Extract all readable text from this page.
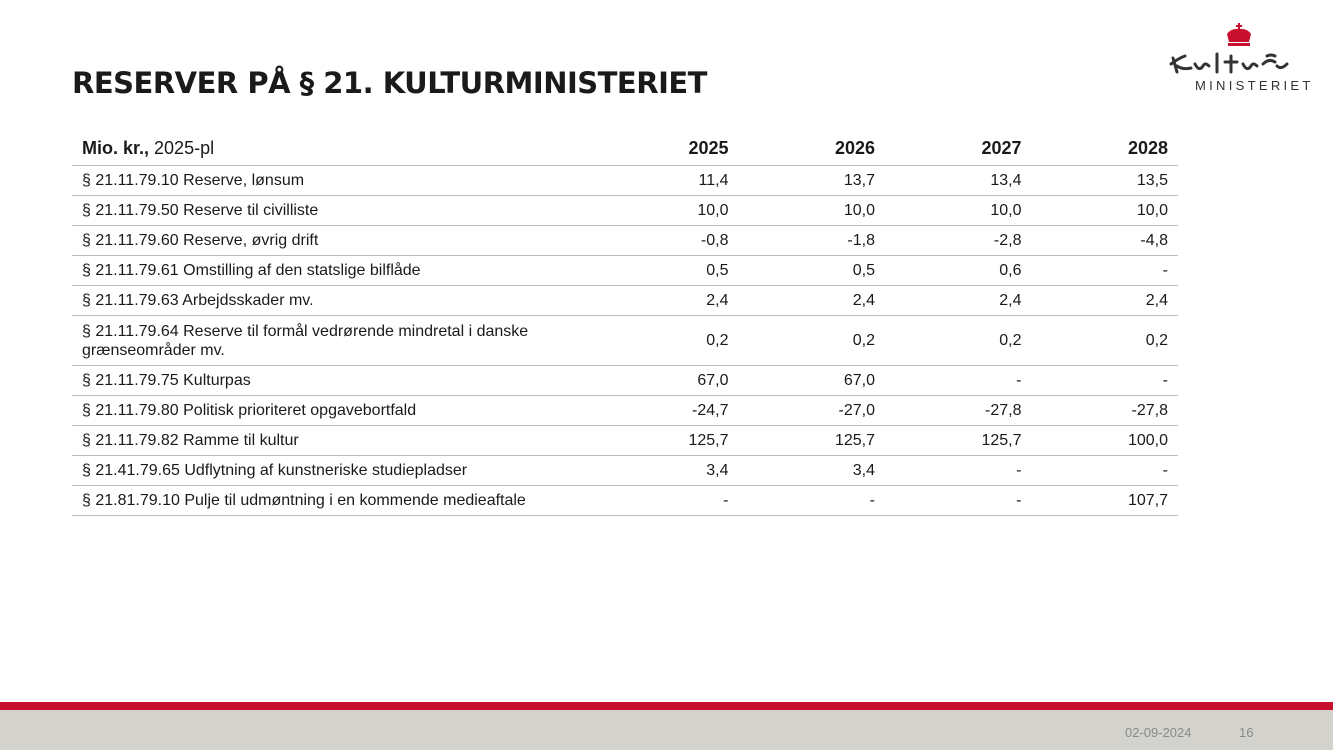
RESERVER PÅ § 21. KULTURMINISTERIET	MINISTERIET
Mio. kr., 2025-pl	2025	2026	2027	2028
§ 21.11.79.10 Reserve, lønsum	11,4	13,7	13,4	13,5
§ 21.11.79.50 Reserve til civilliste	10,0	10,0	10,0	10,0
§ 21.11.79.60 Reserve, øvrig drift	-0,8	-1,8	-2,8	-4,8
§ 21.11.79.61 Omstilling af den statslige bilflåde	0,5	0,5	0,6	-
§ 21.11.79.63 Arbejdsskader mv.	2,4	2,4	2,4	2,4
§ 21.11.79.64 Reserve til formål vedrørende mindretal i danske grænseområder mv.	0,2	0,2	0,2	0,2
§ 21.11.79.75 Kulturpas	67,0	67,0	-	-
§ 21.11.79.80 Politisk prioriteret opgavebortfald	-24,7	-27,0	-27,8	-27,8
§ 21.11.79.82 Ramme til kultur	125,7	125,7	125,7	100,0
§ 21.41.79.65 Udflytning af kunstneriske studiepladser	3,4	3,4	-	-
§ 21.81.79.10 Pulje til udmøntning i en kommende medieaftale	-	-	-	107,7
02-09-2024	16
